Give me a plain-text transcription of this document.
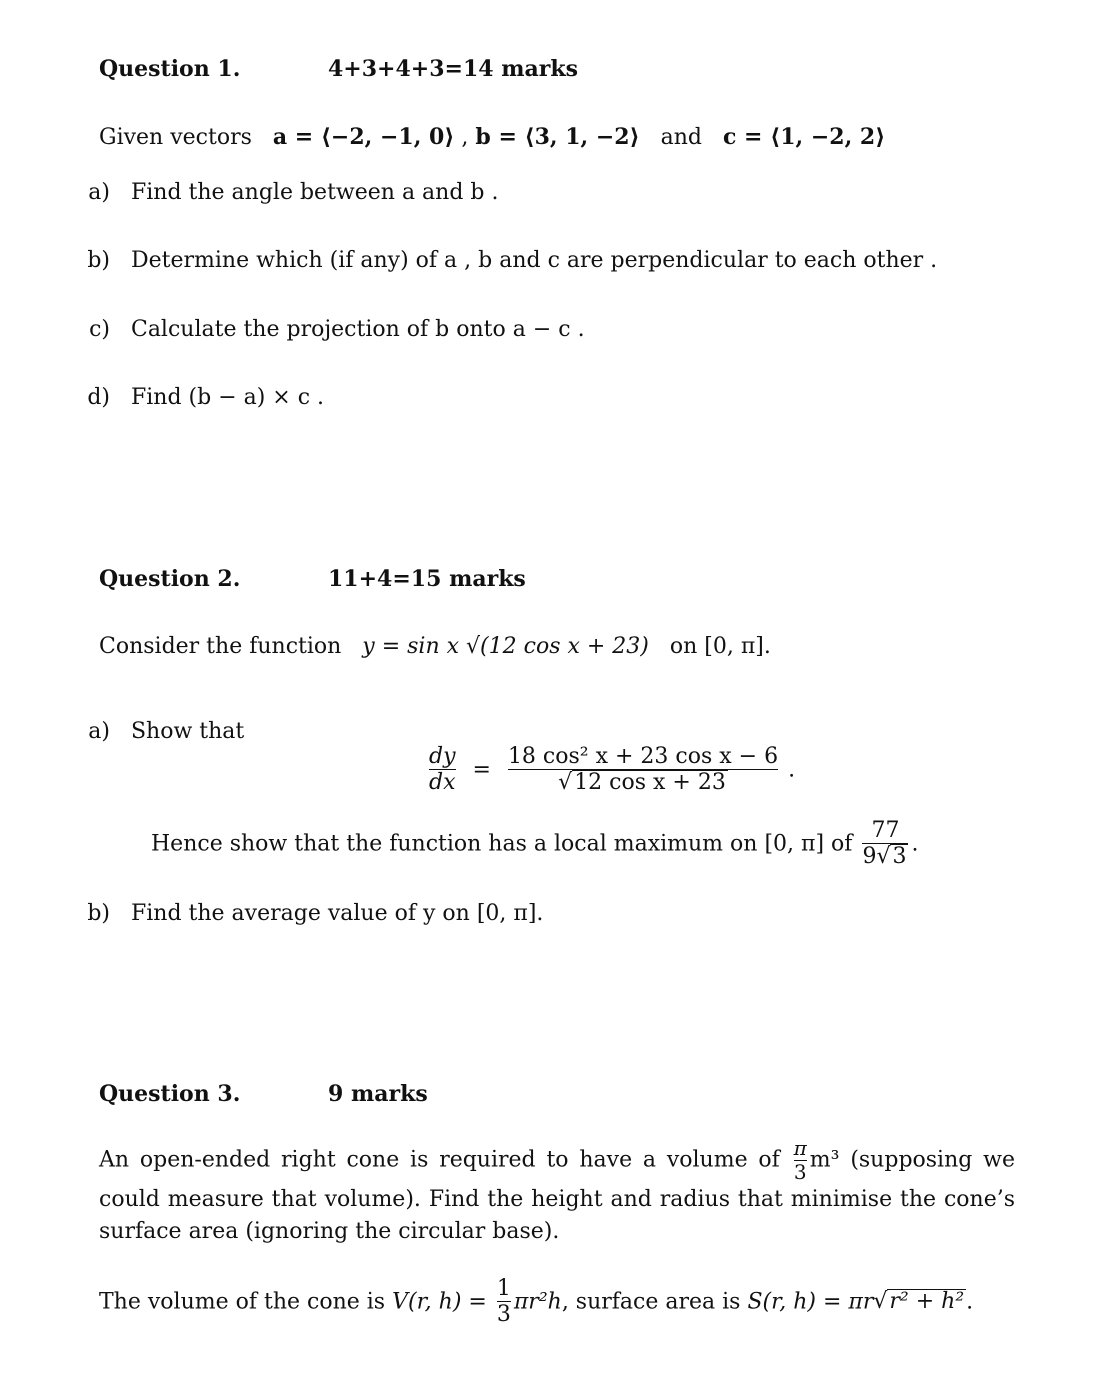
Question 1.	4+3+4+3=14 marks
Given vectors a = ⟨−2, −1, 0⟩ , b = ⟨3, 1, −2⟩ and c = ⟨1, −2, 2⟩
a) Find the angle between a and b .
b) Determine which (if any) of a , b and c are perpendicular to each other .
c) Calculate the projection of b onto a − c .
d) Find (b − a) × c .
Question 2.	11+4=15 marks
Consider the function y = sin x √(12 cos x + 23) on [0, π].
a) Show that
$\frac{dy}{dx} = \frac{\text{18 cos² x + 23 cos x − 6}}{\text{√12 cos x + 23}}$ .
Hence show that the function has a local maximum on [0, π] of $\frac{77}{9√3}$ .
b) Find the average value of y on [0, π].
Question 3.	9 marks
An open-ended right cone is required to have a volume of $\frac{\pi}{3} m^3$ (supposing we could measure that volume). Find the height and radius that minimise the cone’s surface area (ignoring the circular base).
The volume of the cone is V(r, $h) = \frac{1}{3} \pi r^2h$, surface area is S(r, h) = πr√r² + h².
